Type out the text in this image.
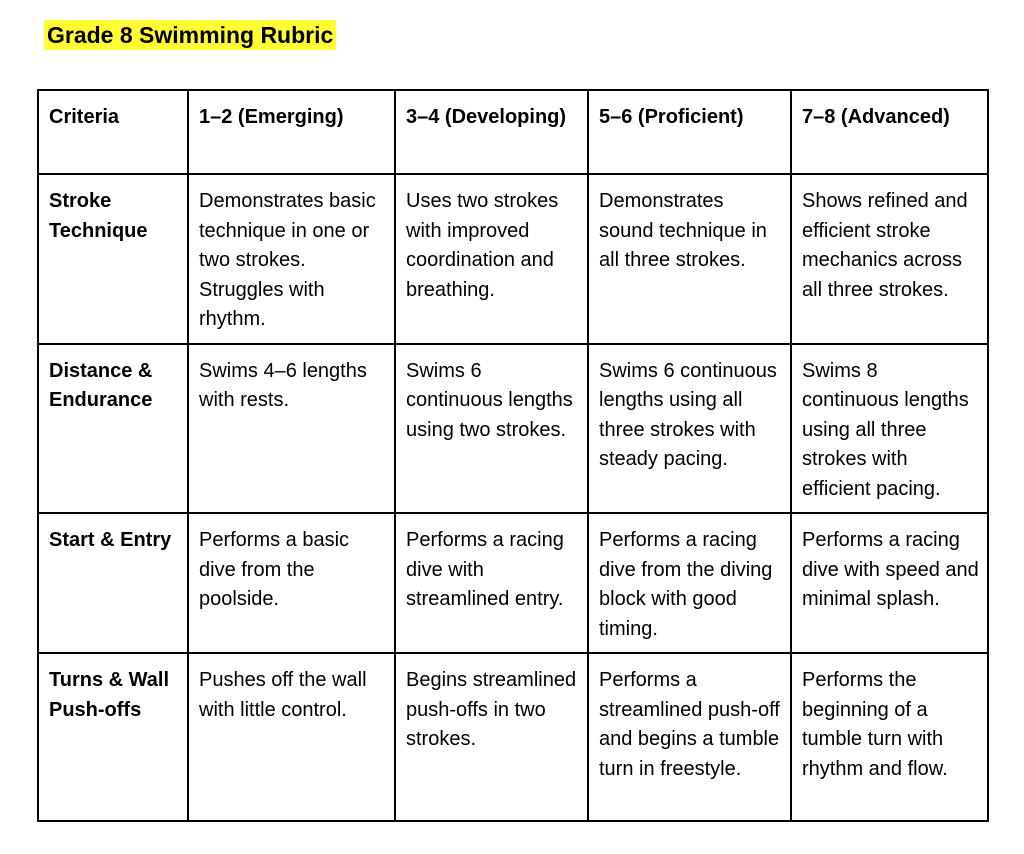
Grade 8 Swimming Rubric
Criteria	1–2 (Emerging)	3–4 (Developing)	5–6 (Proficient)	7–8 (Advanced)
Stroke Technique	Demonstrates basic technique in one or two strokes. Struggles with rhythm.	Uses two strokes with improved coordination and breathing.	Demonstrates sound technique in all three strokes.	Shows refined and efficient stroke mechanics across all three strokes.
Distance & Endurance	Swims 4–6 lengths with rests.	Swims 6 continuous lengths using two strokes.	Swims 6 continuous lengths using all three strokes with steady pacing.	Swims 8 continuous lengths using all three strokes with efficient pacing.
Start & Entry	Performs a basic dive from the poolside.	Performs a racing dive with streamlined entry.	Performs a racing dive from the diving block with good timing.	Performs a racing dive with speed and minimal splash.
Turns & Wall Push-offs	Pushes off the wall with little control.	Begins streamlined push-offs in two strokes.	Performs a streamlined push-off and begins a tumble turn in freestyle.	Performs the beginning of a tumble turn with rhythm and flow.
